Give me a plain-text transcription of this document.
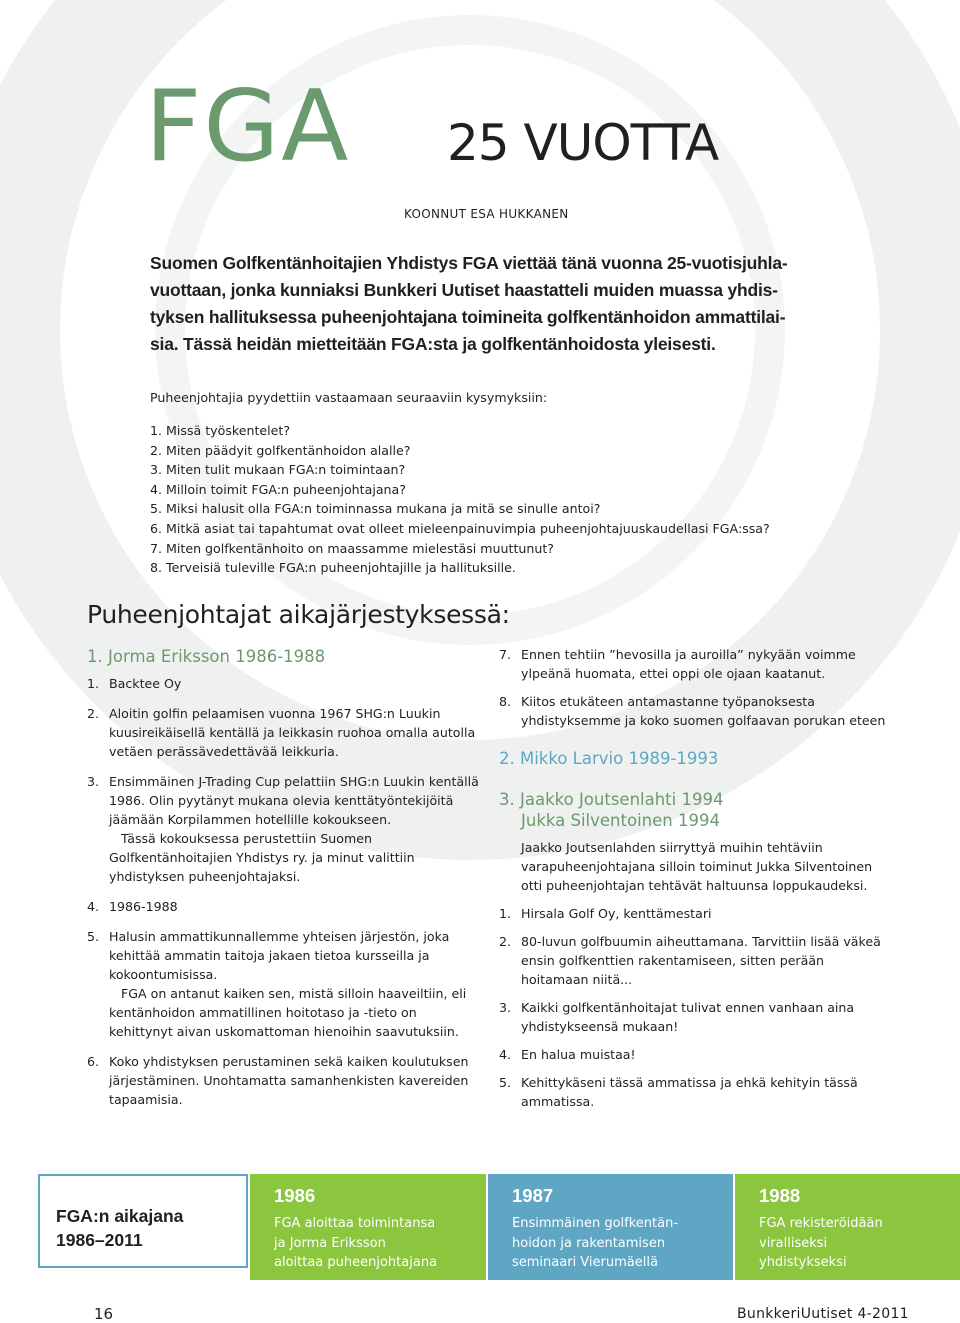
FGA 25 VUOTTA
KOONNUT ESA HUKKANEN

Suomen Golfkentänhoitajien Yhdistys FGA viettää tänä vuonna 25-vuotisjuhla-

vuottaan, jonka kunniaksi Bunkkeri Uutiset haastatteli muiden muassa yhdis-

tyksen hallituksessa puheenjohtajana toimineita golfkentänhoidon ammattilai-

sia. Tässä heidän mietteitään FGA:sta ja golfkentänhoidosta yleisesti.

Puheenjohtajia pyydettiin vastaamaan seuraaviin kysymyksiin:
1. Missä työskentelet?
2. Miten päädyit golfkentänhoidon alalle?
3. Miten tulit mukaan FGA:n toimintaan?
4. Milloin toimit FGA:n puheenjohtajana?
5. Miksi halusit olla FGA:n toiminnassa mukana ja mitä se sinulle antoi?
6. Mitkä asiat tai tapahtumat ovat olleet mieleenpainuvimpia puheenjohtajuuskaudellasi FGA:ssa?
7. Miten golfkentänhoito on maassamme mielestäsi muuttunut?
8. Terveisiä tuleville FGA:n puheenjohtajille ja hallituksille.
Puheenjohtajat aikajärjestyksessä:

1. Jorma Eriksson 1986-1988

1. Backtee Oy
2. Aloitin golfin pelaamisen vuonna 1967 SHG:n Luukin kuusireikäisellä kentällä ja leikkasin ruohoa omalla autolla vetäen perässävedettävää leikkuria.
3. Ensimmäinen J-Trading Cup pelattiin SHG:n Luukin kentällä 1986. Olin pyytänyt mukana olevia kenttätyöntekijöitä jäämään Korpilammen hotellille kokoukseen.
Tässä kokouksessa perustettiin Suomen Golfkentänhoitajien Yhdistys ry. ja minut valittiin yhdistyksen puheenjohtajaksi.
4. 1986-1988
5. Halusin ammattikunnallemme yhteisen järjestön, joka kehittää ammatin taitoja jakaen tietoa kursseilla ja kokoontumisissa.
FGA on antanut kaiken sen, mistä silloin haaveiltiin, eli kentänhoidon ammatillinen hoitotaso ja -tieto on kehittynyt aivan uskomattoman hienoihin saavutuksiin.
6. Koko yhdistyksen perustaminen sekä kaiken koulutuksen järjestäminen. Unohtamatta samanhenkisten kavereiden tapaamisia.
7. Ennen tehtiin ”hevosilla ja auroilla” nykyään voimme ylpeänä huomata, ettei oppi ole ojaan kaatanut.
8. Kiitos etukäteen antamastanne työpanoksesta yhdistyksemme ja koko suomen golfaavan porukan eteen

2. Mikko Larvio 1989-1993

3. Jaakko Joutsenlahti 1994

Jukka Silventoinen 1994

Jaakko Joutsenlahden siirryttyä muihin tehtäviin varapuheenjohtajana silloin toiminut Jukka Silventoinen otti puheenjohtajan tehtävät haltuunsa loppukaudeksi.

1. Hirsala Golf Oy, kenttämestari
2. 80-luvun golfbuumin aiheuttamana. Tarvittiin lisää väkeä ensin golfkenttien rakentamiseen, sitten perään hoitamaan niitä...
3. Kaikki golfkentänhoitajat tulivat ennen vanhaan aina yhdistykseensä mukaan!
4. En halua muistaa!
5. Kehittykäseni tässä ammatissa ja ehkä kehityin tässä ammatissa.
FGA:n aikajana
1986–2011
1986
FGA aloittaa toimintansa
ja Jorma Eriksson
aloittaa puheenjohtajana
1987
Ensimmäinen golfkentän-
hoidon ja rakentamisen
seminaari Vierumäellä
1988
FGA rekisteröidään
viralliseksi
yhdistykseksi
16	BunkkeriUutiset 4-2011
